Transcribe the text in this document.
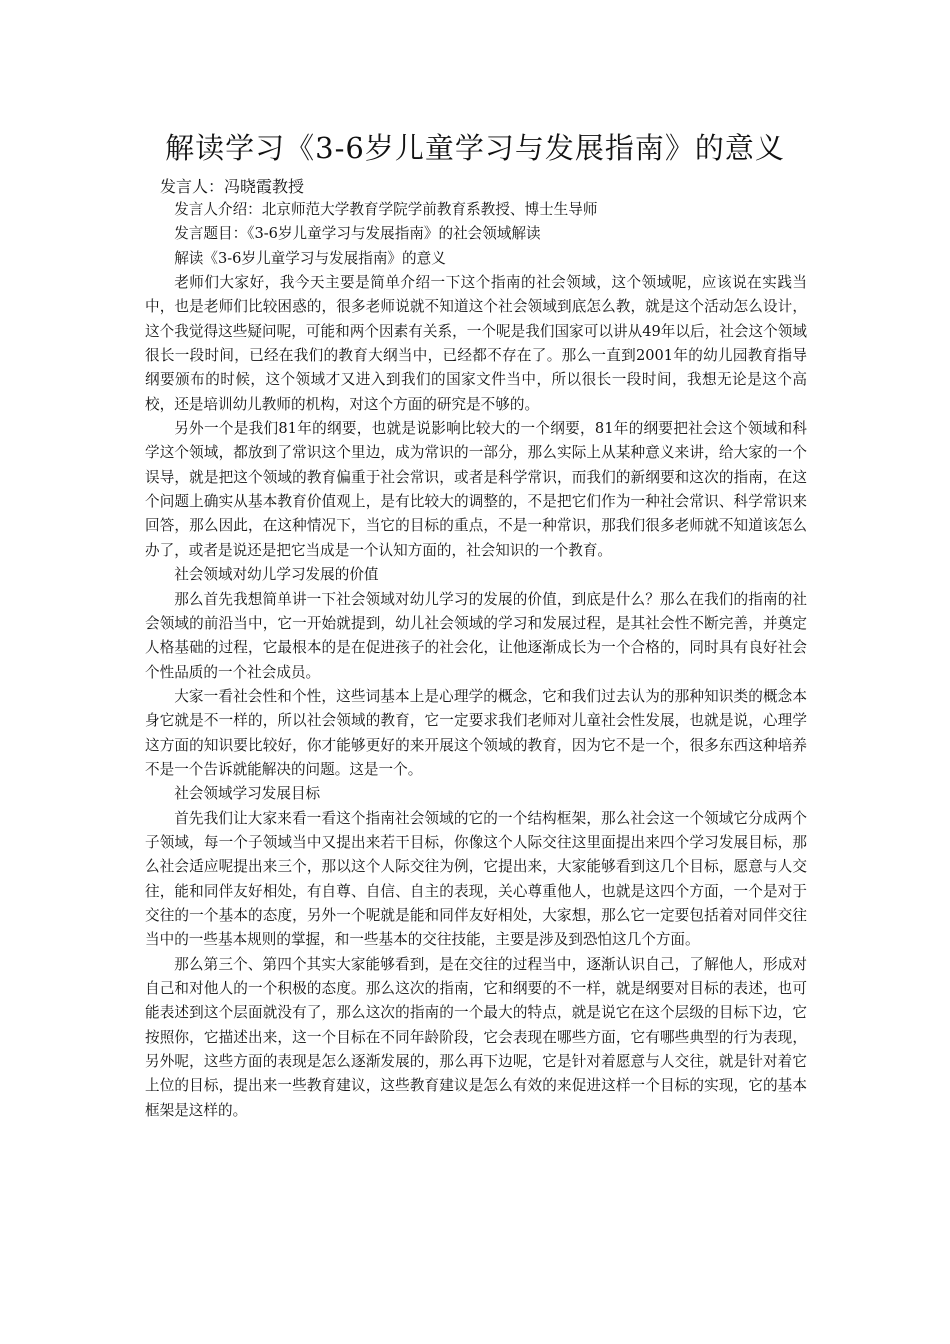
解读学习《3-6岁儿童学习与发展指南》的意义
发言人：冯晓霞教授

发言人介绍：北京师范大学教育学院学前教育系教授、博士生导师

发言题目：《3-6岁儿童学习与发展指南》的社会领域解读

解读《3-6岁儿童学习与发展指南》的意义

老师们大家好，我今天主要是简单介绍一下这个指南的社会领域，这个领域呢，应该说在实践当中，也是老师们比较困惑的，很多老师说就不知道这个社会领域到底怎么教，就是这个活动怎么设计，这个我觉得这些疑问呢，可能和两个因素有关系，一个呢是我们国家可以讲从49年以后，社会这个领域很长一段时间，已经在我们的教育大纲当中，已经都不存在了。那么一直到2001年的幼儿园教育指导纲要颁布的时候，这个领域才又进入到我们的国家文件当中，所以很长一段时间，我想无论是这个高校，还是培训幼儿教师的机构，对这个方面的研究是不够的。

另外一个是我们81年的纲要，也就是说影响比较大的一个纲要，81年的纲要把社会这个领域和科学这个领域，都放到了常识这个里边，成为常识的一部分，那么实际上从某种意义来讲，给大家的一个误导，就是把这个领域的教育偏重于社会常识，或者是科学常识，而我们的新纲要和这次的指南，在这个问题上确实从基本教育价值观上，是有比较大的调整的，不是把它们作为一种社会常识、科学常识来回答，那么因此，在这种情况下，当它的目标的重点，不是一种常识，那我们很多老师就不知道该怎么办了，或者是说还是把它当成是一个认知方面的，社会知识的一个教育。

社会领域对幼儿学习发展的价值

那么首先我想简单讲一下社会领域对幼儿学习的发展的价值，到底是什么？那么在我们的指南的社会领域的前沿当中，它一开始就提到，幼儿社会领域的学习和发展过程，是其社会性不断完善，并奠定人格基础的过程，它最根本的是在促进孩子的社会化，让他逐渐成长为一个合格的，同时具有良好社会个性品质的一个社会成员。

大家一看社会性和个性，这些词基本上是心理学的概念，它和我们过去认为的那种知识类的概念本身它就是不一样的，所以社会领域的教育，它一定要求我们老师对儿童社会性发展，也就是说，心理学这方面的知识要比较好，你才能够更好的来开展这个领域的教育，因为它不是一个，很多东西这种培养不是一个告诉就能解决的问题。这是一个。

社会领域学习发展目标

首先我们让大家来看一看这个指南社会领域的它的一个结构框架，那么社会这一个领域它分成两个子领域，每一个子领域当中又提出来若干目标，你像这个人际交往这里面提出来四个学习发展目标，那么社会适应呢提出来三个，那以这个人际交往为例，它提出来，大家能够看到这几个目标，愿意与人交往，能和同伴友好相处，有自尊、自信、自主的表现，关心尊重他人，也就是这四个方面，一个是对于交往的一个基本的态度，另外一个呢就是能和同伴友好相处，大家想，那么它一定要包括着对同伴交往当中的一些基本规则的掌握，和一些基本的交往技能，主要是涉及到恐怕这几个方面。

那么第三个、第四个其实大家能够看到，是在交往的过程当中，逐渐认识自己，了解他人，形成对自己和对他人的一个积极的态度。那么这次的指南，它和纲要的不一样，就是纲要对目标的表述，也可能表述到这个层面就没有了，那么这次的指南的一个最大的特点，就是说它在这个层级的目标下边，它按照你，它描述出来，这一个目标在不同年龄阶段，它会表现在哪些方面，它有哪些典型的行为表现，另外呢，这些方面的表现是怎么逐渐发展的，那么再下边呢，它是针对着愿意与人交往，就是针对着它上位的目标，提出来一些教育建议，这些教育建议是怎么有效的来促进这样一个目标的实现，它的基本框架是这样的。
